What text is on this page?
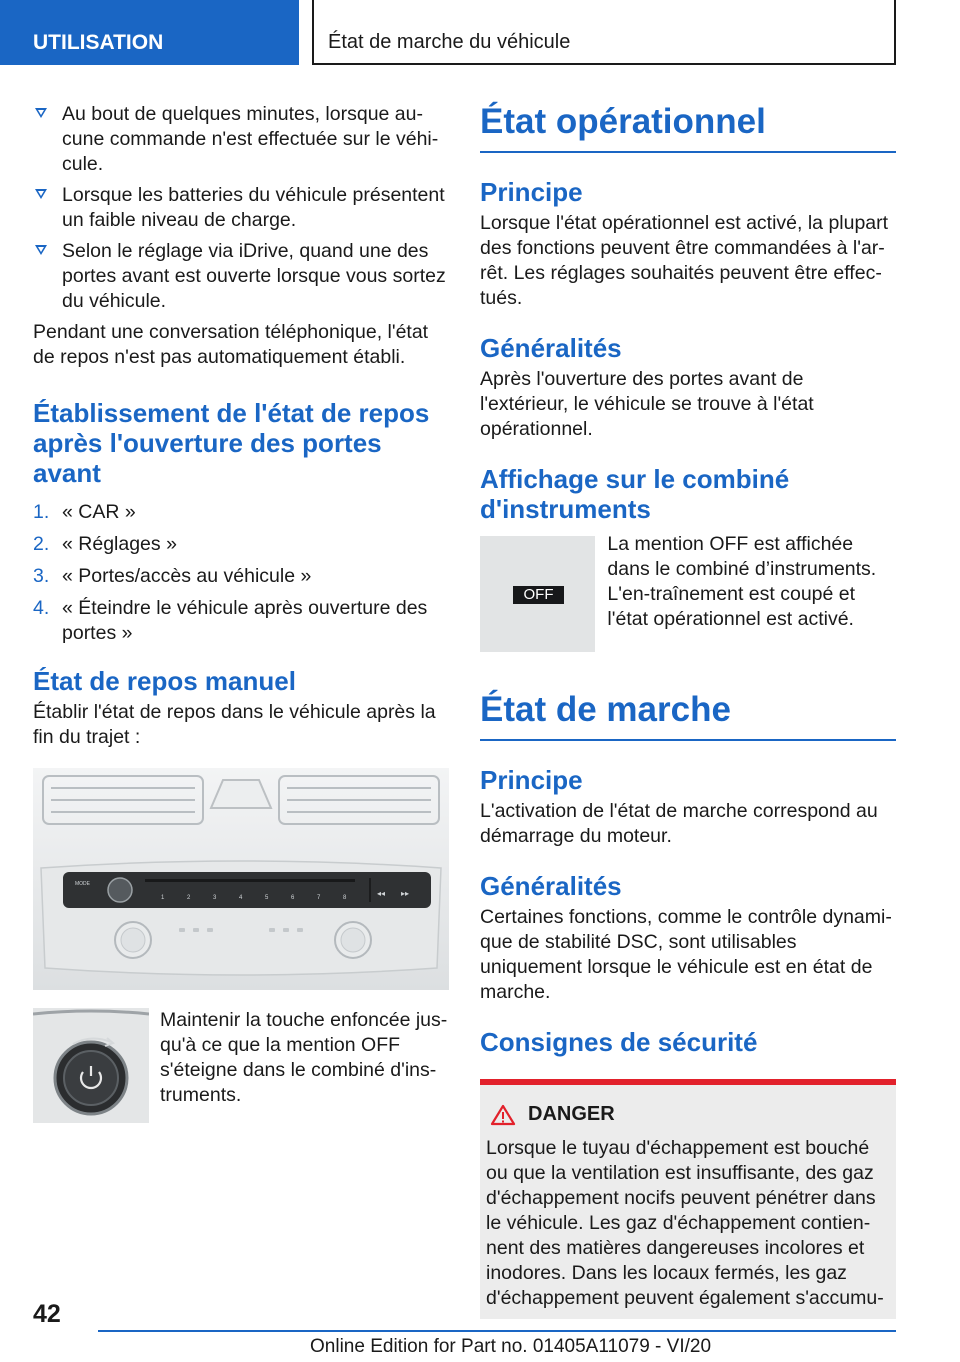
UTILISATION	État de marche du véhicule
Au bout de quelques minutes, lorsque au-cune commande n'est effectuée sur le véhi-cule.
Lorsque les batteries du véhicule présentent un faible niveau de charge.
Selon le réglage via iDrive, quand une des portes avant est ouverte lorsque vous sortez du véhicule.

Pendant une conversation téléphonique, l'état de repos n'est pas automatiquement établi.

Établissement de l'état de repos après l'ouverture des portes avant
1. « CAR »
2. « Réglages »
3. « Portes/accès au véhicule »
4. « Éteindre le véhicule après ouverture des portes »
État de repos manuel

Établir l'état de repos dans le véhicule après la fin du trajet :

MODE
1	2	3	4	5	6	7	8	◂◂ ▸▸

Maintenir la touche enfoncée jus-qu'à ce que la mention OFF s'éteigne dans le combiné d'ins-truments.

État opérationnel
Principe

Lorsque l'état opérationnel est activé, la plupart des fonctions peuvent être commandées à l'ar-rêt. Les réglages souhaités peuvent être effec-tués.

Généralités

Après l'ouverture des portes avant de l'extérieur, le véhicule se trouve à l'état opérationnel.

Affichage sur le combiné d'instruments
OFF

La mention OFF est affichée dans le combiné d’instruments. L'en-traînement est coupé et l'état opérationnel est activé.

État de marche
Principe

L'activation de l'état de marche correspond au démarrage du moteur.

Généralités

Certaines fonctions, comme le contrôle dynami-que de stabilité DSC, sont utilisables uniquement lorsque le véhicule est en état de marche.

Consignes de sécurité
DANGER

Lorsque le tuyau d'échappement est bouché ou que la ventilation est insuffisante, des gaz d'échappement nocifs peuvent pénétrer dans le véhicule. Les gaz d'échappement contien-nent des matières dangereuses incolores et inodores. Dans les locaux fermés, les gaz d'échappement peuvent également s'accumu-

42
Online Edition for Part no. 01405A11079 - VI/20
